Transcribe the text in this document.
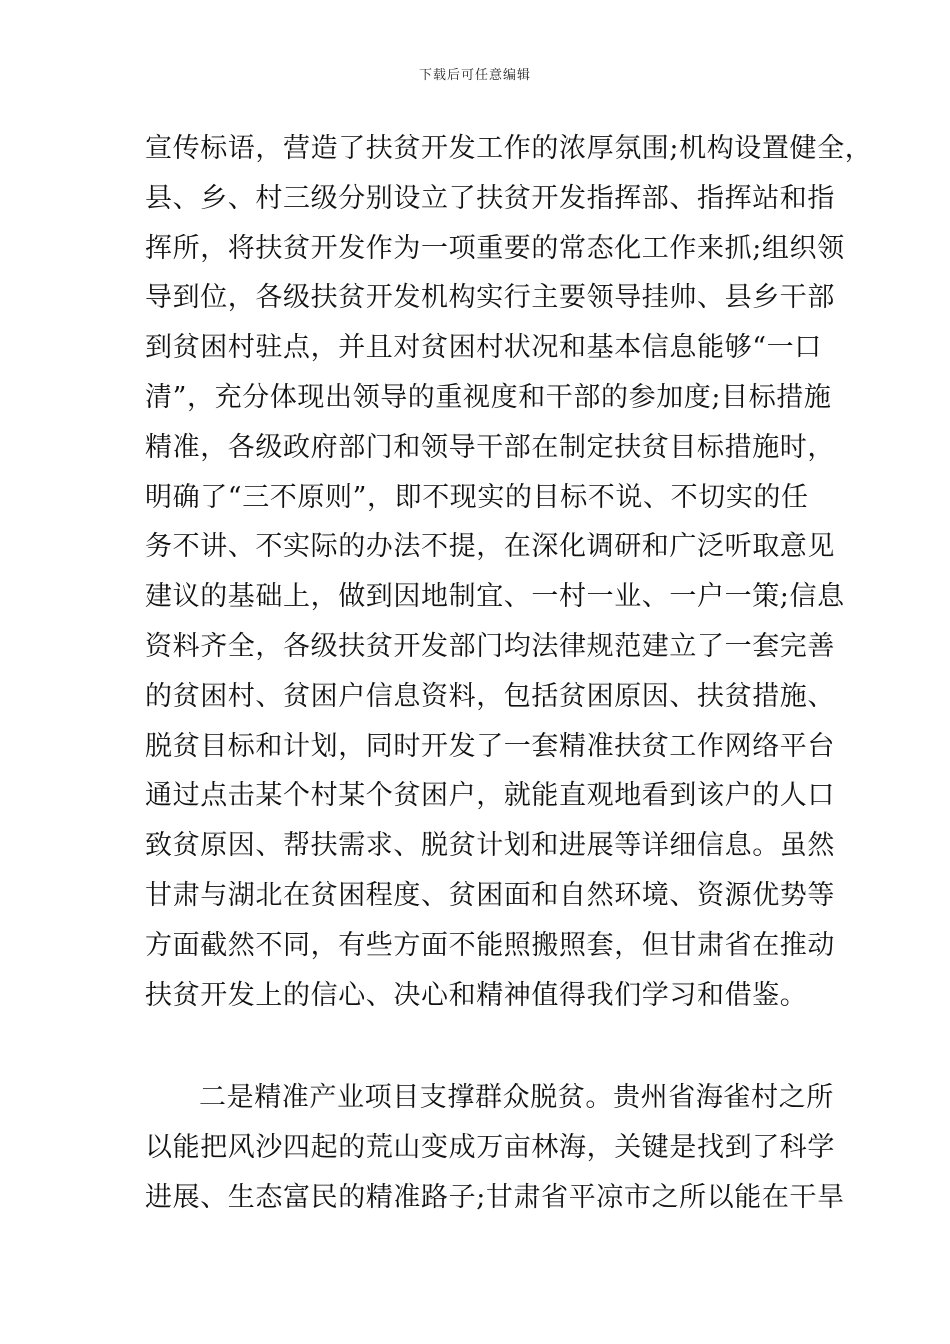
下载后可任意编辑
宣传标语，营造了扶贫开发工作的浓厚氛围;机构设置健全，
县、乡、村三级分别设立了扶贫开发指挥部、指挥站和指
挥所，将扶贫开发作为一项重要的常态化工作来抓;组织领
导到位，各级扶贫开发机构实行主要领导挂帅、县乡干部
到贫困村驻点，并且对贫困村状况和基本信息能够“一口
清”，充分体现出领导的重视度和干部的参加度;目标措施
精准，各级政府部门和领导干部在制定扶贫目标措施时，
明确了“三不原则”，即不现实的目标不说、不切实的任
务不讲、不实际的办法不提，在深化调研和广泛听取意见
建议的基础上，做到因地制宜、一村一业、一户一策;信息
资料齐全，各级扶贫开发部门均法律规范建立了一套完善
的贫困村、贫困户信息资料，包括贫困原因、扶贫措施、
脱贫目标和计划，同时开发了一套精准扶贫工作网络平台
通过点击某个村某个贫困户，就能直观地看到该户的人口
致贫原因、帮扶需求、脱贫计划和进展等详细信息。虽然
甘肃与湖北在贫困程度、贫困面和自然环境、资源优势等
方面截然不同，有些方面不能照搬照套，但甘肃省在推动
扶贫开发上的信心、决心和精神值得我们学习和借鉴。
二是精准产业项目支撑群众脱贫。贵州省海雀村之所
以能把风沙四起的荒山变成万亩林海，关键是找到了科学
进展、生态富民的精准路子;甘肃省平凉市之所以能在干旱
